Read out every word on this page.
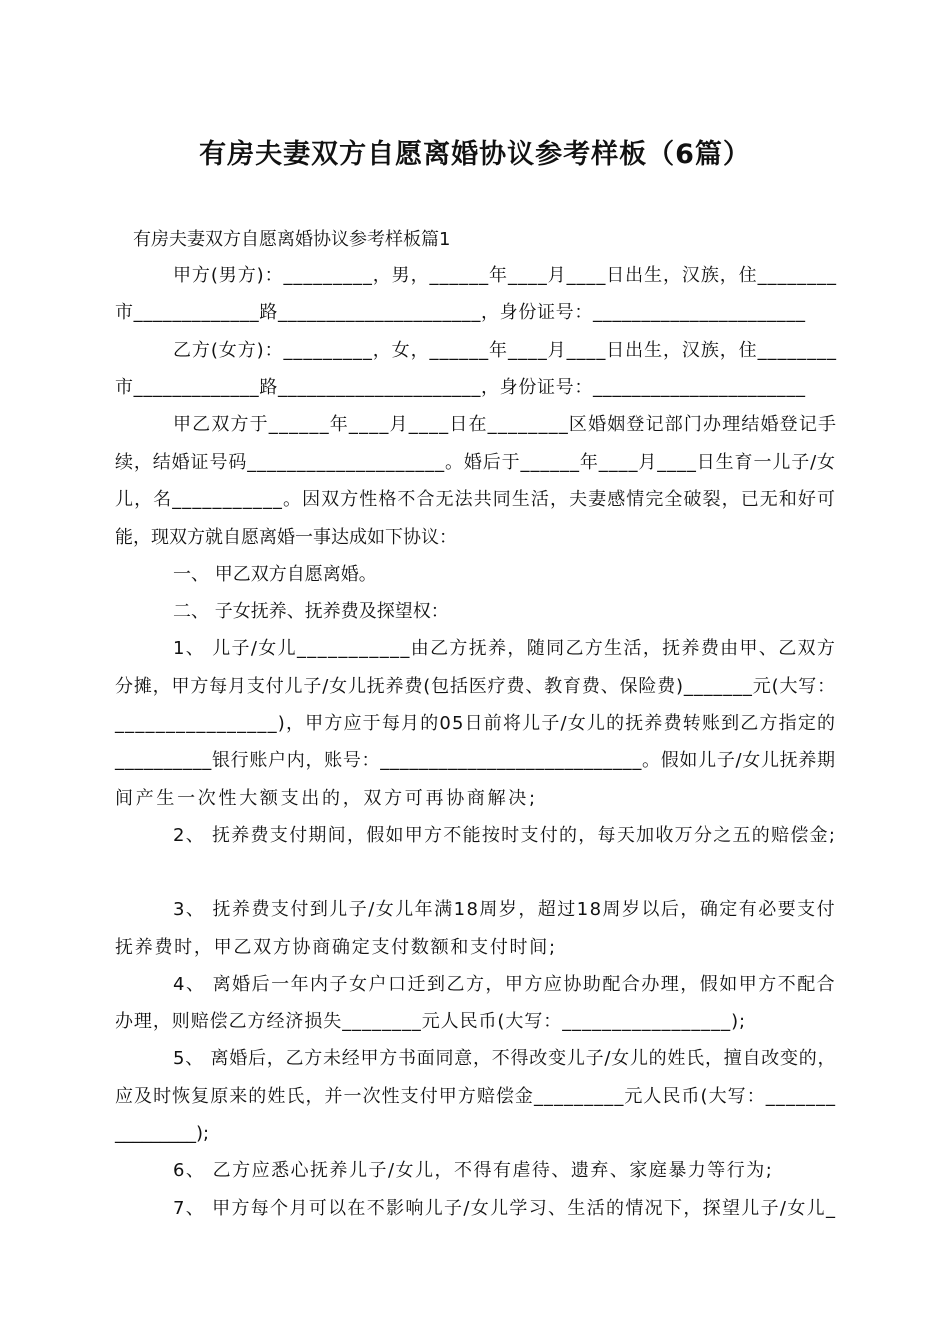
有房夫妻双方自愿离婚协议参考样板（6篇）
有房夫妻双方自愿离婚协议参考样板篇1
甲方(男方)：_________，男，______年____月____日出生，汉族，住________
市_____________路_____________________，身份证号：______________________
乙方(女方)：_________，女，______年____月____日出生，汉族，住________
市_____________路_____________________，身份证号：______________________
甲乙双方于______年____月____日在________区婚姻登记部门办理结婚登记手
续，结婚证号码____________________。婚后于______年____月____日生育一儿子/女
儿，名___________。因双方性格不合无法共同生活，夫妻感情完全破裂，已无和好可
能，现双方就自愿离婚一事达成如下协议：
一、 甲乙双方自愿离婚。
二、 子女抚养、抚养费及探望权：
1、 儿子/女儿___________由乙方抚养，随同乙方生活，抚养费由甲、乙双方
分摊，甲方每月支付儿子/女儿抚养费(包括医疗费、教育费、保险费)_______元(大写：
________________)，甲方应于每月的05日前将儿子/女儿的抚养费转账到乙方指定的
__________银行账户内，账号：___________________________。假如儿子/女儿抚养期
间产生一次性大额支出的，双方可再协商解决;
2、 抚养费支付期间，假如甲方不能按时支付的，每天加收万分之五的赔偿金;
3、 抚养费支付到儿子/女儿年满18周岁，超过18周岁以后，确定有必要支付
抚养费时，甲乙双方协商确定支付数额和支付时间;
4、 离婚后一年内子女户口迁到乙方，甲方应协助配合办理，假如甲方不配合
办理，则赔偿乙方经济损失________元人民币(大写：_________________);
5、 离婚后，乙方未经甲方书面同意，不得改变儿子/女儿的姓氏，擅自改变的，
应及时恢复原来的姓氏，并一次性支付甲方赔偿金_________元人民币(大写：_______
_________);
6、 乙方应悉心抚养儿子/女儿，不得有虐待、遗弃、家庭暴力等行为;
7、 甲方每个月可以在不影响儿子/女儿学习、生活的情况下，探望儿子/女儿_
